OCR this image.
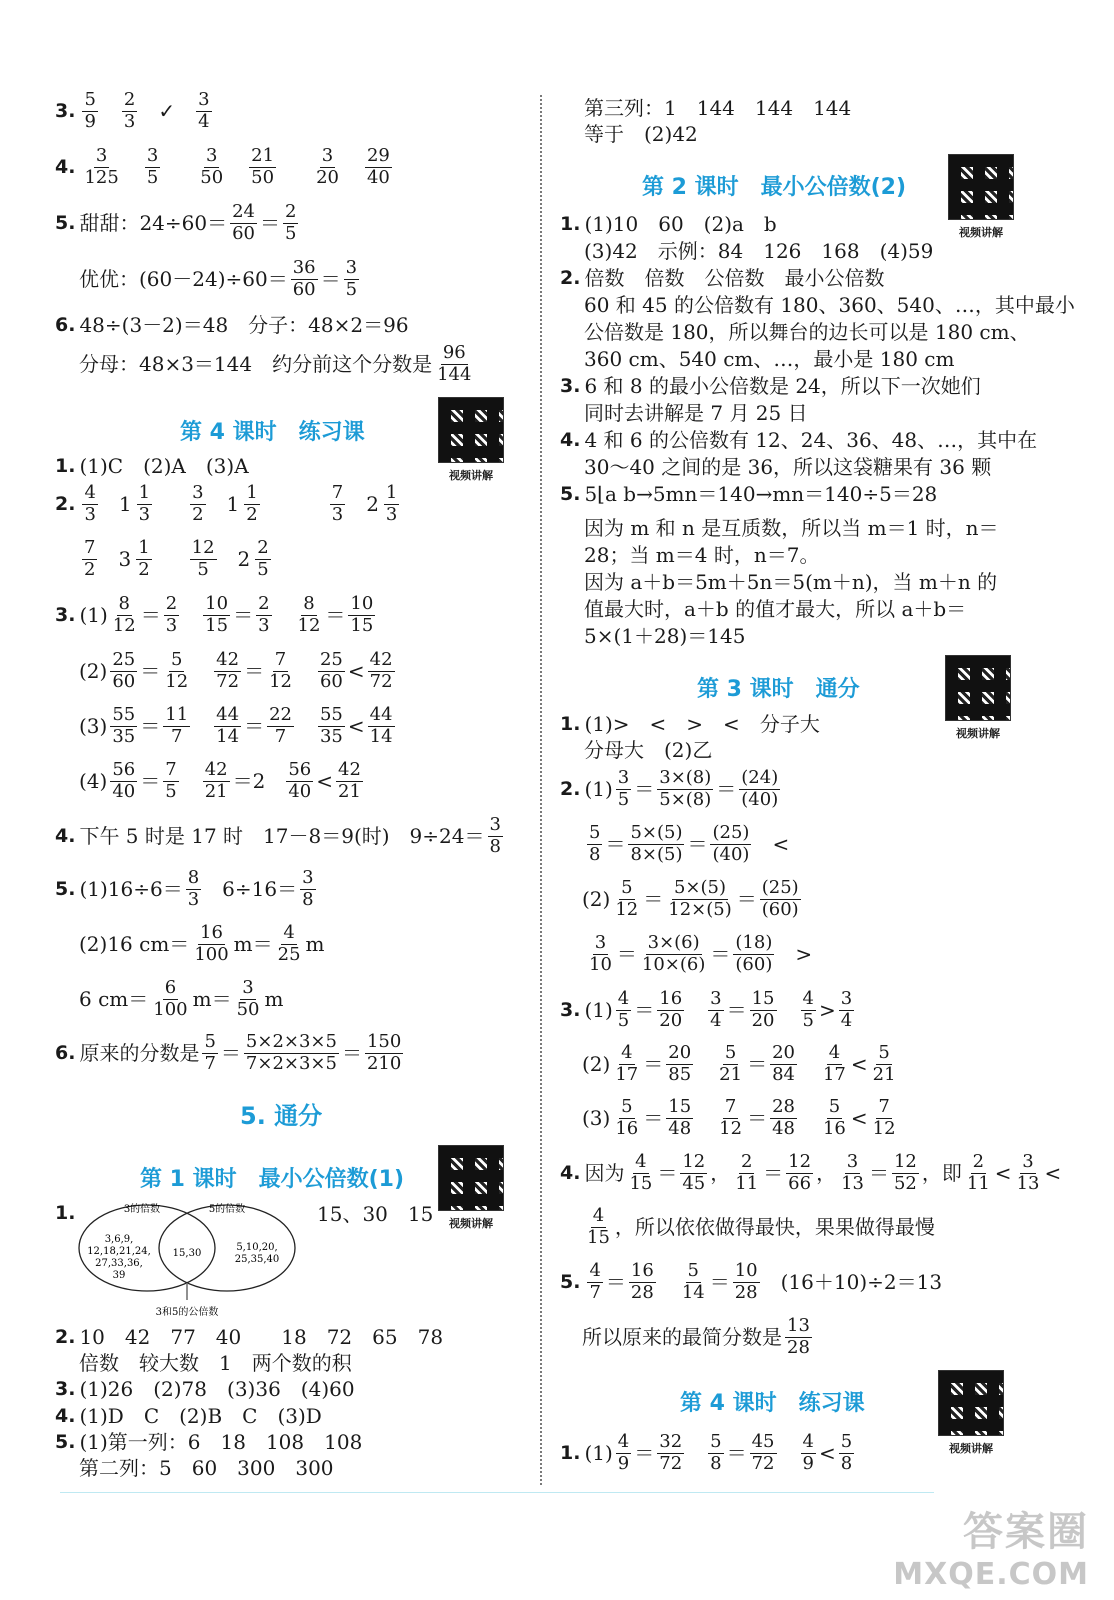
3.
5
9
2
3 ✓ 3
4
4.
3
125
3
5
3
50
21
50
3
20
29
40
5. 甜甜：24÷60＝ 24
60 ＝ 2
5
优优：(60－24)÷60＝ 36
60 ＝ 3
5
6. 48÷(3－2)＝48　分子：48×2＝96
分母：48×3＝144　约分前这个分数是 96
144
第 4 课时　练习课
视频讲解
1. (1)C　(2)A　(3)A
2.
4
3 1 1
3
3
2 1 1
2
7
3 2 1
3
7
2 3 1
2
12
5 2 2
5
3. (1) 8
12 ＝ 2
3
10
15 ＝ 2
3
8
12 ＝ 10
15
(2) 25
60 ＝ 5
12
42
72 ＝ 7
12
25
60 < 42
72
(3) 55
35 ＝ 11
7
44
14 ＝ 22
7
55
35 < 44
14
(4) 56
40 ＝ 7
5
42
21 ＝ 2 56
40 < 42
21
4. 下午 5 时是 17 时　17－8＝9(时)　9÷24＝ 3
8
5. (1)16÷6＝ 8
3 6÷16＝ 3
8
(2)16 cm＝ 16
100 m＝ 4
25 m
6 cm＝ 6
100 m＝ 3
50 m
6. 原来的分数是 5
7 ＝ 5×2×3×5
7×2×3×5 ＝ 150
210
5. 通分
第 1 课时　最小公倍数(1)
视频讲解
1.	3的倍数	5的倍数
3,6,9,
12,18,21,24,
27,33,36,
39
15,30
5,10,20,
25,35,40
3和5的公倍数
15、30　15
2. 10　42　77　40　　18　72　65　78
倍数　较大数　1　两个数的积
3. (1)26　(2)78　(3)36　(4)60
4. (1)D　C　(2)B　C　(3)D
5. (1)第一列：6　18　108　108
第二列：5　60　300　300
第三列：1　144　144　144
等于　(2)42
第 2 课时　最小公倍数(2)
视频讲解
1. (1)10　60　(2)a　b
(3)42　示例：84　126　168　(4)59
2. 倍数　倍数　公倍数　最小公倍数
60 和 45 的公倍数有 180、360、540、…，其中最小
公倍数是 180，所以舞台的边长可以是 180 cm、
360 cm、540 cm、…，最小是 180 cm
3. 6 和 8 的最小公倍数是 24，所以下一次她们
同时去讲解是 7 月 25 日
4. 4 和 6 的公倍数有 12、24、36、48、…，其中在
30～40 之间的是 36，所以这袋糖果有 36 颗
5. 5⌊a b→5mn＝140→mn＝140÷5＝28
因为 m 和 n 是互质数，所以当 m＝1 时，n＝
28；当 m＝4 时，n＝7。
因为 a＋b＝5m＋5n＝5(m＋n)，当 m＋n 的
值最大时，a＋b 的值才最大，所以 a＋b＝
5×(1＋28)＝145
第 3 课时　通分
视频讲解
1. (1)>　<　>　<　分子大
分母大　(2)乙
2. (1) 3
5 ＝ 3×(8)
5×(8) ＝ (24)
(40)
5
8 ＝ 5×(5)
8×(5) ＝ (25)
(40) <
(2) 5
12 ＝ 5×(5)
12×(5) ＝ (25)
(60)
3
10 ＝ 3×(6)
10×(6) ＝ (18)
(60) >
3. (1) 4
5 ＝ 16
20
3
4 ＝ 15
20
4
5 > 3
4
(2) 4
17 ＝ 20
85
5
21 ＝ 20
84
4
17 < 5
21
(3) 5
16 ＝ 15
48
7
12 ＝ 28
48
5
16 < 7
12
4. 因为 4
15 ＝ 12
45 ， 2
11 ＝ 12
66 ， 3
13 ＝ 12
52 ，即 2
11 < 3
13 <
4
15 ，所以依依做得最快，果果做得最慢
5.
4
7 ＝ 16
28
5
14 ＝ 10
28 (16＋10)÷2＝13
所以原来的最简分数是 13
28
第 4 课时　练习课
视频讲解
1. (1) 4
9 ＝ 32
72
5
8 ＝ 45
72
4
9 < 5
8
答案圈
MXQE.COM
